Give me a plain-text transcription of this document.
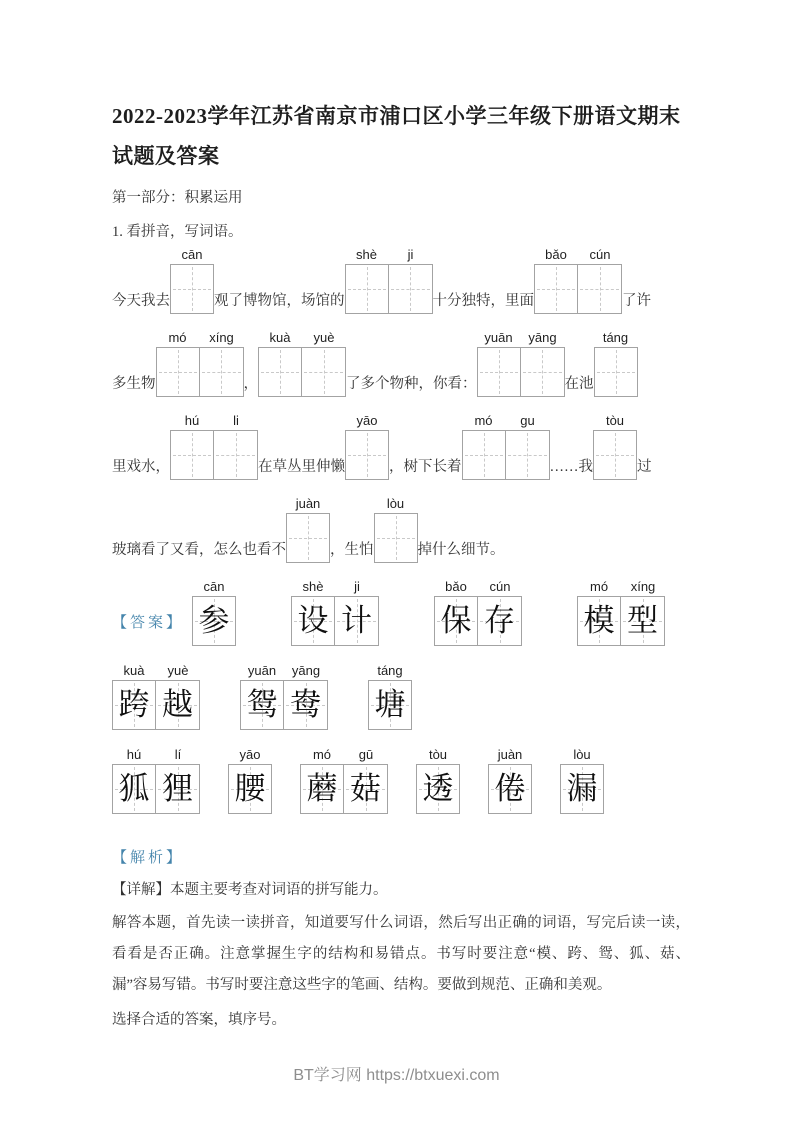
2022-2023学年江苏省南京市浦口区小学三年级下册语文期末试题及答案
第一部分：积累运用
1. 看拼音，写词语。
今天我去
cān
观了博物馆，场馆的
shè	ji
十分独特，里面
bǎo	cún
了许
多生物
mó	xíng
，
kuà	yuè
了多个物种，你看：
yuān	yāng
在池
táng
里戏水，
hú	li
在草丛里伸懒
yāo
，树下长着
mó	gu
……我
tòu
过
玻璃看了又看，怎么也看不
juàn
，生怕
lòu
掉什么细节。
【答案】
cān
参
shè	ji
设 计
bǎo	cún
保 存
mó	xíng
模 型
kuà	yuè
跨 越
yuān	yāng
鸳 鸯
táng
塘
hú	lí
狐 狸
yāo
腰
mó	gū
蘑 菇
tòu
透
juàn
倦
lòu
漏
【解析】
【详解】本题主要考查对词语的拼写能力。
解答本题，首先读一读拼音，知道要写什么词语，然后写出正确的词语，写完后读一读，看看是否正确。注意掌握生字的结构和易错点。书写时要注意“模、跨、鸳、狐、菇、漏”容易写错。书写时要注意这些字的笔画、结构。要做到规范、正确和美观。
选择合适的答案，填序号。
BT学习网 https://btxuexi.com
